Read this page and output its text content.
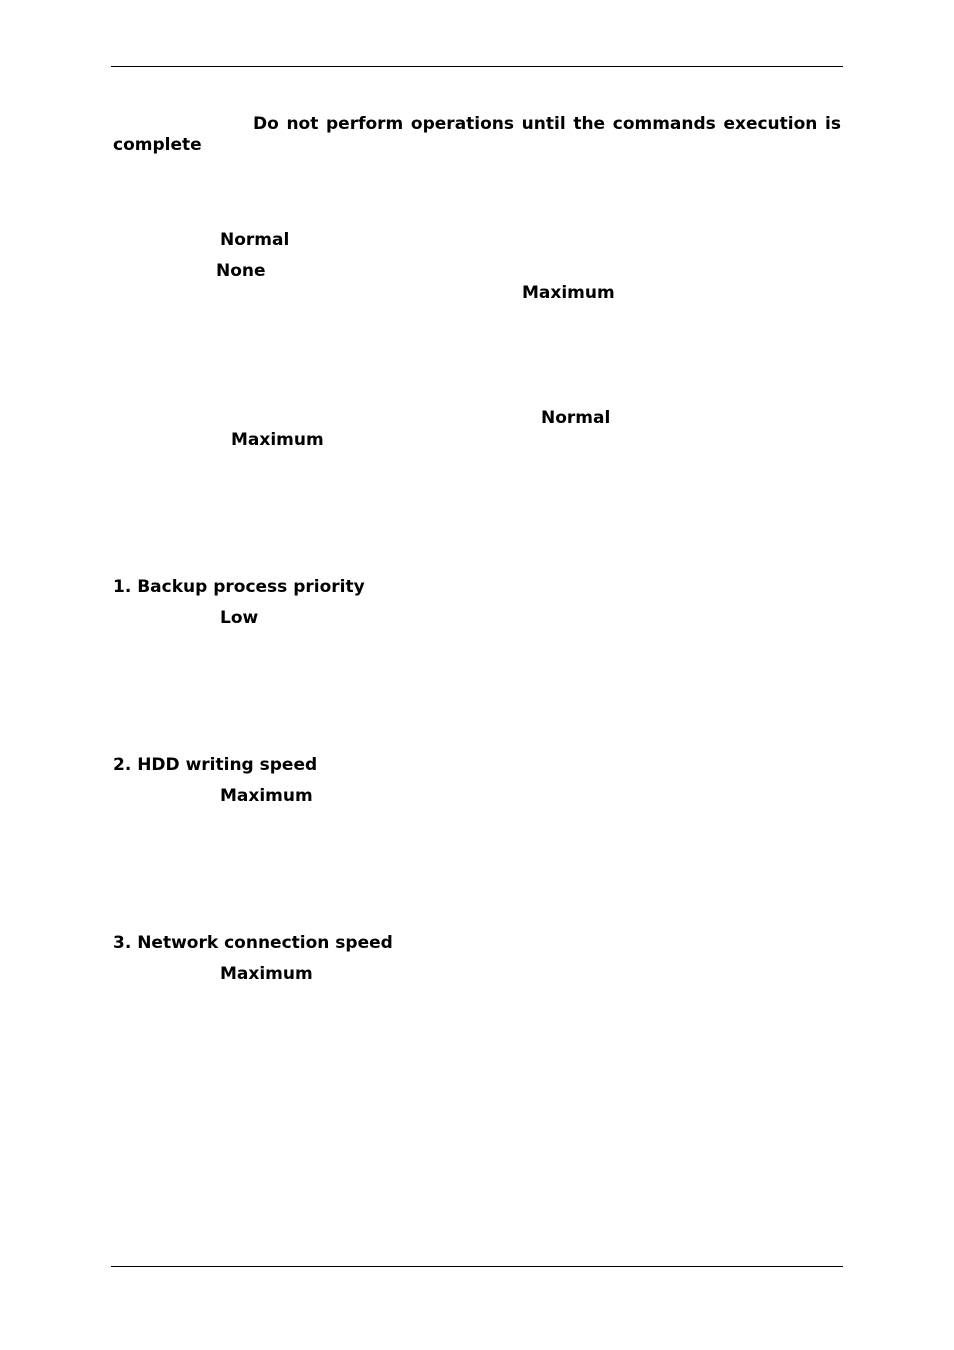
Do not perform operations until the commands execution is
complete
Normal
None
Maximum
Normal
Maximum
1. Backup process priority
Low
2. HDD writing speed
Maximum
3. Network connection speed
Maximum
